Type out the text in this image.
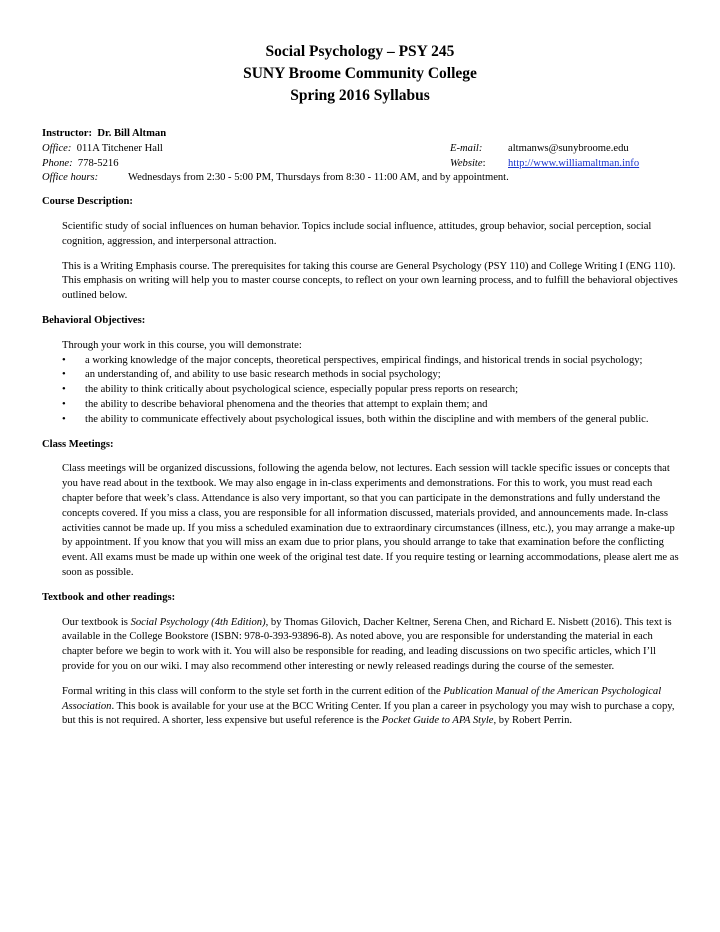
Social Psychology – PSY 245
SUNY Broome Community College
Spring 2016 Syllabus
Instructor: Dr. Bill Altman
Office: 011A Titchener Hall	E-mail: altmanws@sunybroome.edu
Phone: 778-5216	Website: http://www.williamaltman.info
Office hours:	Wednesdays from 2:30 - 5:00 PM, Thursdays from 8:30 - 11:00 AM, and by appointment.
Course Description:
Scientific study of social influences on human behavior. Topics include social influence, attitudes, group behavior, social perception, social cognition, aggression, and interpersonal attraction.
This is a Writing Emphasis course. The prerequisites for taking this course are General Psychology (PSY 110) and College Writing I (ENG 110). This emphasis on writing will help you to master course concepts, to reflect on your own learning process, and to fulfill the behavioral objectives outlined below.
Behavioral Objectives:
Through your work in this course, you will demonstrate:
• a working knowledge of the major concepts, theoretical perspectives, empirical findings, and historical trends in social psychology;
• an understanding of, and ability to use basic research methods in social psychology;
• the ability to think critically about psychological science, especially popular press reports on research;
• the ability to describe behavioral phenomena and the theories that attempt to explain them; and
• the ability to communicate effectively about psychological issues, both within the discipline and with members of the general public.
Class Meetings:
Class meetings will be organized discussions, following the agenda below, not lectures. Each session will tackle specific issues or concepts that you have read about in the textbook. We may also engage in in-class experiments and demonstrations. For this to work, you must read each chapter before that week’s class. Attendance is also very important, so that you can participate in the demonstrations and fully understand the concepts covered. If you miss a class, you are responsible for all information discussed, materials provided, and announcements made. In-class activities cannot be made up. If you miss a scheduled examination due to extraordinary circumstances (illness, etc.), you may arrange a make-up by appointment. If you know that you will miss an exam due to prior plans, you should arrange to take that examination before the conflicting event. All exams must be made up within one week of the original test date. If you require testing or learning accommodations, please alert me as soon as possible.
Textbook and other readings:
Our textbook is Social Psychology (4th Edition), by Thomas Gilovich, Dacher Keltner, Serena Chen, and Richard E. Nisbett (2016). This text is available in the College Bookstore (ISBN: 978-0-393-93896-8). As noted above, you are responsible for understanding the material in each chapter before we begin to work with it. You will also be responsible for reading, and leading discussions on two specific articles, which I’ll provide for you on our wiki. I may also recommend other interesting or newly released readings during the course of the semester.
Formal writing in this class will conform to the style set forth in the current edition of the Publication Manual of the American Psychological Association. This book is available for your use at the BCC Writing Center. If you plan a career in psychology you may wish to purchase a copy, but this is not required. A shorter, less expensive but useful reference is the Pocket Guide to APA Style, by Robert Perrin.
